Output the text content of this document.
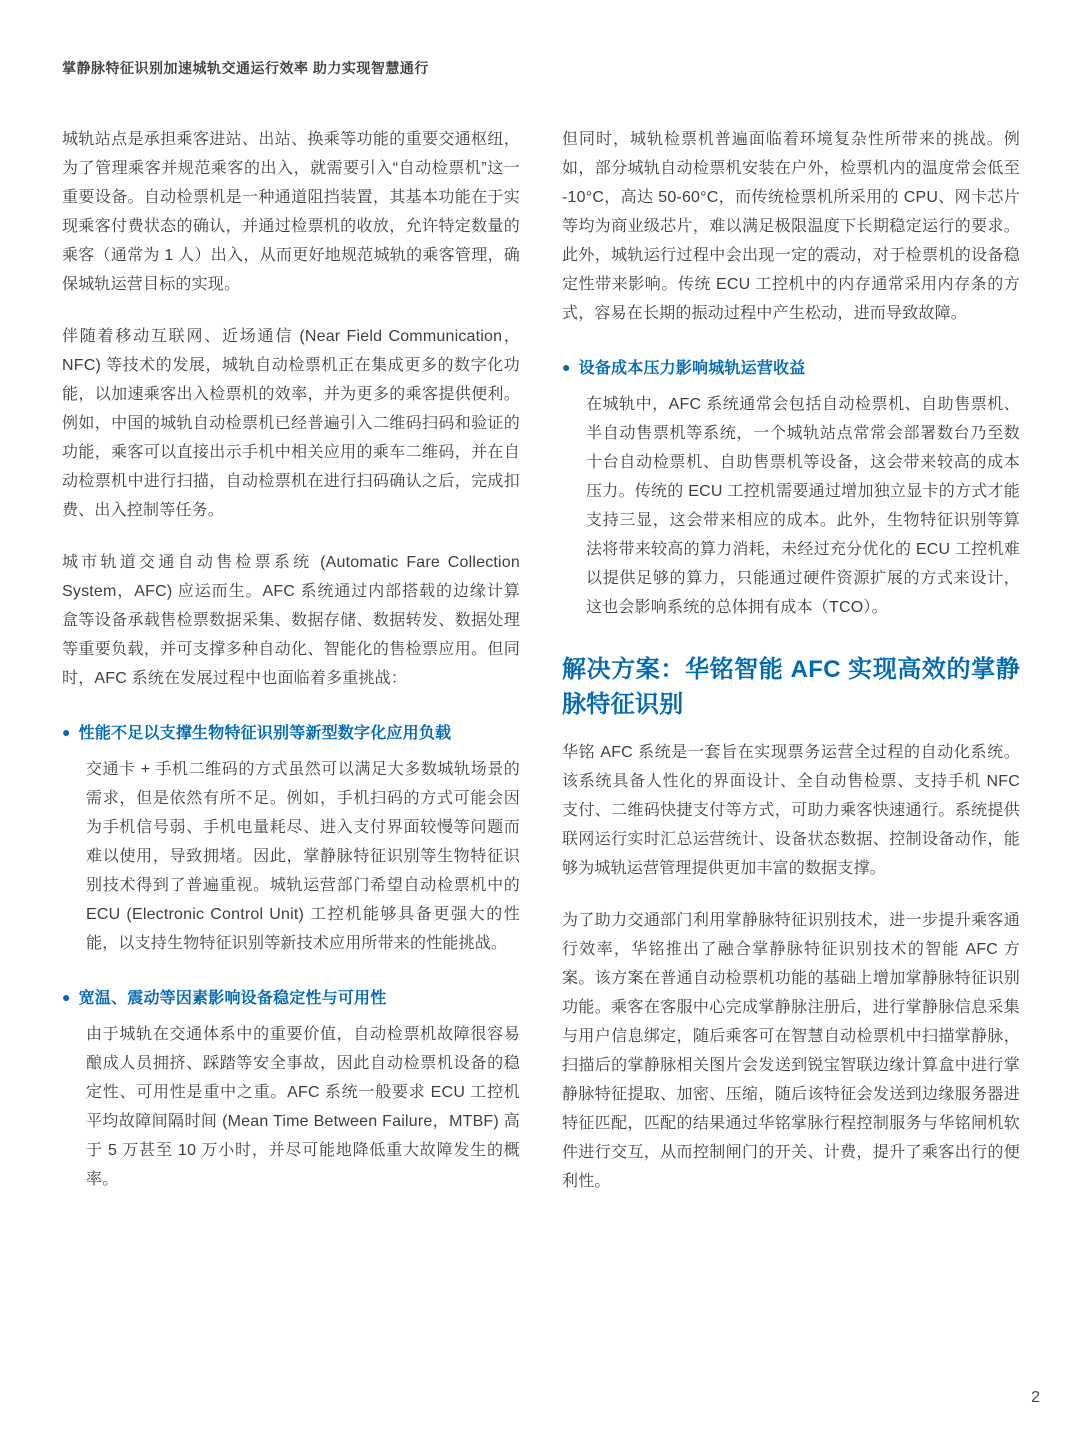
掌静脉特征识别加速城轨交通运行效率 助力实现智慧通行

城轨站点是承担乘客进站、出站、换乘等功能的重要交通枢纽，为了管理乘客并规范乘客的出入，就需要引入“自动检票机”这一重要设备。自动检票机是一种通道阻挡装置，其基本功能在于实现乘客付费状态的确认，并通过检票机的收放，允许特定数量的乘客（通常为 1 人）出入，从而更好地规范城轨的乘客管理，确保城轨运营目标的实现。

伴随着移动互联网、近场通信 (Near Field Communication，NFC) 等技术的发展，城轨自动检票机正在集成更多的数字化功能，以加速乘客出入检票机的效率，并为更多的乘客提供便利。例如，中国的城轨自动检票机已经普遍引入二维码扫码和验证的功能，乘客可以直接出示手机中相关应用的乘车二维码，并在自动检票机中进行扫描，自动检票机在进行扫码确认之后，完成扣费、出入控制等任务。

城市轨道交通自动售检票系统 (Automatic Fare Collection System，AFC) 应运而生。AFC 系统通过内部搭载的边缘计算盒等设备承载售检票数据采集、数据存储、数据转发、数据处理等重要负载，并可支撑多种自动化、智能化的售检票应用。但同时，AFC 系统在发展过程中也面临着多重挑战：

● 性能不足以支撑生物特征识别等新型数字化应用负载

交通卡 + 手机二维码的方式虽然可以满足大多数城轨场景的需求，但是依然有所不足。例如，手机扫码的方式可能会因为手机信号弱、手机电量耗尽、进入支付界面较慢等问题而难以使用，导致拥堵。因此，掌静脉特征识别等生物特征识别技术得到了普遍重视。城轨运营部门希望自动检票机中的 ECU (Electronic Control Unit) 工控机能够具备更强大的性能，以支持生物特征识别等新技术应用所带来的性能挑战。

● 宽温、震动等因素影响设备稳定性与可用性

由于城轨在交通体系中的重要价值，自动检票机故障很容易酿成人员拥挤、踩踏等安全事故，因此自动检票机设备的稳定性、可用性是重中之重。AFC 系统一般要求 ECU 工控机平均故障间隔时间 (Mean Time Between Failure，MTBF) 高于 5 万甚至 10 万小时，并尽可能地降低重大故障发生的概率。

但同时，城轨检票机普遍面临着环境复杂性所带来的挑战。例如，部分城轨自动检票机安装在户外，检票机内的温度常会低至 -10°C，高达 50-60°C，而传统检票机所采用的 CPU、网卡芯片等均为商业级芯片，难以满足极限温度下长期稳定运行的要求。此外，城轨运行过程中会出现一定的震动，对于检票机的设备稳定性带来影响。传统 ECU 工控机中的内存通常采用内存条的方式，容易在长期的振动过程中产生松动，进而导致故障。

● 设备成本压力影响城轨运营收益

在城轨中，AFC 系统通常会包括自动检票机、自助售票机、半自动售票机等系统，一个城轨站点常常会部署数台乃至数十台自动检票机、自助售票机等设备，这会带来较高的成本压力。传统的 ECU 工控机需要通过增加独立显卡的方式才能支持三显，这会带来相应的成本。此外，生物特征识别等算法将带来较高的算力消耗，未经过充分优化的 ECU 工控机难以提供足够的算力，只能通过硬件资源扩展的方式来设计，这也会影响系统的总体拥有成本（TCO）。

解决方案：华铭智能 AFC 实现高效的掌静脉特征识别

华铭 AFC 系统是一套旨在实现票务运营全过程的自动化系统。该系统具备人性化的界面设计、全自动售检票、支持手机 NFC 支付、二维码快捷支付等方式，可助力乘客快速通行。系统提供联网运行实时汇总运营统计、设备状态数据、控制设备动作，能够为城轨运营管理提供更加丰富的数据支撑。

为了助力交通部门利用掌静脉特征识别技术，进一步提升乘客通行效率，华铭推出了融合掌静脉特征识别技术的智能 AFC 方案。该方案在普通自动检票机功能的基础上增加掌静脉特征识别功能。乘客在客服中心完成掌静脉注册后，进行掌静脉信息采集与用户信息绑定，随后乘客可在智慧自动检票机中扫描掌静脉，扫描后的掌静脉相关图片会发送到锐宝智联边缘计算盒中进行掌静脉特征提取、加密、压缩，随后该特征会发送到边缘服务器进特征匹配，匹配的结果通过华铭掌脉行程控制服务与华铭闸机软件进行交互，从而控制闸门的开关、计费，提升了乘客出行的便利性。

2
